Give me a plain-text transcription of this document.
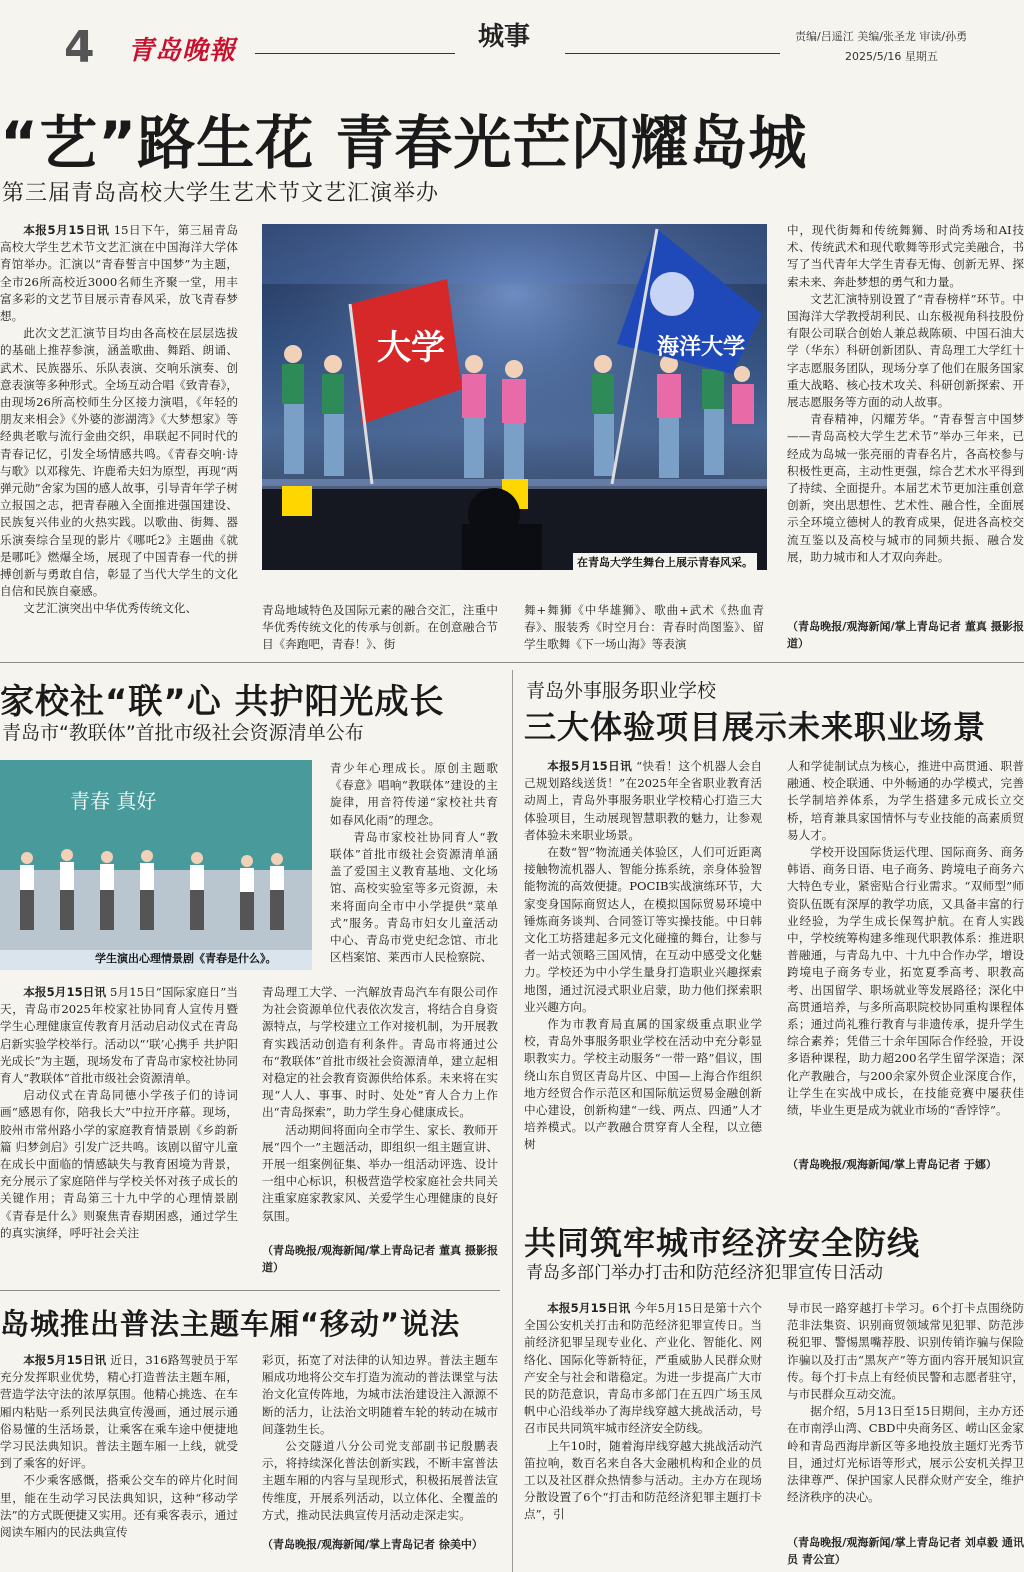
4 青岛晚報	城事	责编/吕遥江 美编/张圣龙 审读/孙勇
2025/5/16 星期五
“艺”路生花 青春光芒闪耀岛城
第三届青岛高校大学生艺术节文艺汇演举办

本报5月15日讯 15日下午，第三届青岛高校大学生艺术节文艺汇演在中国海洋大学体育馆举办。汇演以“青春誓言中国梦”为主题，全市26所高校近3000名师生齐聚一堂，用丰富多彩的文艺节目展示青春风采，放飞青春梦想。

此次文艺汇演节目均由各高校在层层选拔的基础上推荐参演，涵盖歌曲、舞蹈、朗诵、武术、民族器乐、乐队表演、交响乐演奏、创意表演等多种形式。全场互动合唱《致青春》，由现场26所高校师生分区接力演唱，《年轻的朋友来相会》《外婆的澎湖湾》《大梦想家》等经典老歌与流行金曲交织，串联起不同时代的青春记忆，引发全场情感共鸣。《青春交响·诗与歌》以邓稼先、许鹿希夫妇为原型，再现“两弹元勋”舍家为国的感人故事，引导青年学子树立报国之志，把青春融入全面推进强国建设、民族复兴伟业的火热实践。以歌曲、街舞、器乐演奏综合呈现的影片《哪吒2》主题曲《就是哪吒》燃爆全场，展现了中国青春一代的拼搏创新与勇敢自信，彰显了当代大学生的文化自信和民族自豪感。

文艺汇演突出中华优秀传统文化、

大学	海洋大学
在青岛大学生舞台上展示青春风采。

青岛地域特色及国际元素的融合交汇，注重中华优秀传统文化的传承与创新。在创意融合节目《奔跑吧，青春！》、街

舞+舞狮《中华雄狮》、歌曲+武术《热血青春》、服装秀《时空月台：青春时尚图鉴》、留学生歌舞《下一场山海》等表演

中，现代街舞和传统舞狮、时尚秀场和AI技术、传统武术和现代歌舞等形式完美融合，书写了当代青年大学生青春无悔、创新无界、探索未来、奔赴梦想的勇气和力量。

文艺汇演特别设置了“青春榜样”环节。中国海洋大学教授胡利民、山东极视角科技股份有限公司联合创始人兼总裁陈硕、中国石油大学（华东）科研创新团队、青岛理工大学红十字志愿服务团队，现场分享了他们在服务国家重大战略、核心技术攻关、科研创新探索、开展志愿服务等方面的动人故事。

青春精神，闪耀芳华。“青春誓言中国梦——青岛高校大学生艺术节”举办三年来，已经成为岛城一张亮丽的青春名片，各高校参与积极性更高，主动性更强，综合艺术水平得到了持续、全面提升。本届艺术节更加注重创意创新，突出思想性、艺术性、融合性，全面展示全环境立德树人的教育成果，促进各高校交流互鉴以及高校与城市的同频共振、融合发展，助力城市和人才双向奔赴。

（青岛晚报/观海新闻/掌上青岛记者 董真 摄影报道）
家校社“联”心 共护阳光成长
青岛市“教联体”首批市级社会资源清单公布
青春 真好
学生演出心理情景剧《青春是什么》。

青少年心理成长。原创主题歌《春意》唱响“教联体”建设的主旋律，用音符传递“家校社共育如春风化雨”的理念。

青岛市家校社协同育人“教联体”首批市级社会资源清单涵盖了爱国主义教育基地、文化场馆、高校实验室等多元资源，未来将面向全市中小学提供“菜单式”服务。青岛市妇女儿童活动中心、青岛市党史纪念馆、市北区档案馆、莱西市人民检察院、

本报5月15日讯 5月15日“国际家庭日”当天，青岛市2025年校家社协同育人宣传月暨学生心理健康宣传教育月活动启动仪式在青岛启新实验学校举行。活动以“‘联’心携手 共护阳光成长”为主题，现场发布了青岛市家校社协同育人“教联体”首批市级社会资源清单。

启动仪式在青岛同德小学孩子们的诗词画“感恩有你，陪我长大”中拉开序幕。现场，胶州市常州路小学的家庭教育情景剧《乡韵新篇 归梦剑启》引发广泛共鸣。该剧以留守儿童在成长中面临的情感缺失与教育困境为背景，充分展示了家庭陪伴与学校关怀对孩子成长的关键作用；青岛第三十九中学的心理情景剧《青春是什么》则聚焦青春期困惑，通过学生的真实演绎，呼吁社会关注

青岛理工大学、一汽解放青岛汽车有限公司作为社会资源单位代表依次发言，将结合自身资源特点，与学校建立工作对接机制，为开展教育实践活动创造有利条件。青岛市将通过公布“教联体”首批市级社会资源清单，建立起相对稳定的社会教育资源供给体系。未来将在实现“人人、事事、时时、处处”育人合力上作出“青岛探索”，助力学生身心健康成长。

活动期间将面向全市学生、家长、教师开展“四个一”主题活动，即组织一组主题宣讲、开展一组案例征集、举办一组活动评选、设计一组中心标识，积极营造学校家庭社会共同关注重家庭家教家风、关爱学生心理健康的良好氛围。

（青岛晚报/观海新闻/掌上青岛记者 董真 摄影报道）
青岛外事服务职业学校
三大体验项目展示未来职业场景

本报5月15日讯 “快看！这个机器人会自己规划路线送货！”在2025年全省职业教育活动周上，青岛外事服务职业学校精心打造三大体验项目，生动展现智慧职教的魅力，让参观者体验未来职业场景。

在数“智”物流通关体验区，人们可近距离接触物流机器人、智能分拣系统，亲身体验智能物流的高效便捷。POCIB实战演练环节，大家变身国际商贸达人，在模拟国际贸易环境中锤炼商务谈判、合同签订等实操技能。中日韩文化工坊搭建起多元文化碰撞的舞台，让参与者一站式领略三国风情，在互动中感受文化魅力。学校还为中小学生量身打造职业兴趣探索地图，通过沉浸式职业启蒙，助力他们探索职业兴趣方向。

作为市教育局直属的国家级重点职业学校，青岛外事服务职业学校在活动中充分彰显职教实力。学校主动服务“一带一路”倡议，围绕山东自贸区青岛片区、中国—上海合作组织地方经贸合作示范区和国际航运贸易金融创新中心建设，创新构建“一线、两点、四通”人才培养模式。以产教融合贯穿育人全程，以立德树

人和学徒制试点为核心，推进中高贯通、职普融通、校企联通、中外畅通的办学模式，完善长学制培养体系，为学生搭建多元成长立交桥，培育兼具家国情怀与专业技能的高素质贸易人才。

学校开设国际货运代理、国际商务、商务韩语、商务日语、电子商务、跨境电子商务六大特色专业，紧密贴合行业需求。“双师型”师资队伍既有深厚的教学功底，又具备丰富的行业经验，为学生成长保驾护航。在育人实践中，学校统筹构建多维现代职教体系：推进职普融通，与青岛九中、十九中合作办学，增设跨境电子商务专业，拓宽夏季高考、职教高考、出国留学、职场就业等发展路径；深化中高贯通培养，与多所高职院校协同重构课程体系；通过尚礼雅行教育与非遗传承，提升学生综合素养；凭借三十余年国际合作经验，开设多语种课程，助力超200名学生留学深造；深化产教融合，与200余家外贸企业深度合作，让学生在实战中成长，在技能竞赛中屡获佳绩，毕业生更是成为就业市场的“香饽饽”。

（青岛晚报/观海新闻/掌上青岛记者 于娜）
共同筑牢城市经济安全防线
青岛多部门举办打击和防范经济犯罪宣传日活动

本报5月15日讯 今年5月15日是第十六个全国公安机关打击和防范经济犯罪宣传日。当前经济犯罪呈现专业化、产业化、智能化、网络化、国际化等新特征，严重威胁人民群众财产安全与社会和谐稳定。为进一步提高广大市民的防范意识，青岛市多部门在五四广场玉凤帆中心沿线举办了海岸线穿越大挑战活动，号召市民共同筑牢城市经济安全防线。

上午10时，随着海岸线穿越大挑战活动汽笛拉响，数百名来自各大金融机构和企业的员工以及社区群众热情参与活动。主办方在现场分散设置了6个“打击和防范经济犯罪主题打卡点”，引

导市民一路穿越打卡学习。6个打卡点围绕防范非法集资、识别商贸领域常见犯罪、防范涉税犯罪、警惕黑嘴荐股、识别传销诈骗与保险诈骗以及打击“黑灰产”等方面内容开展知识宣传。每个打卡点上有经侦民警和志愿者驻守，与市民群众互动交流。

据介绍，5月13日至15日期间，主办方还在市南浮山湾、CBD中央商务区、崂山区金家岭和青岛西海岸新区等多地投放主题灯光秀节目，通过灯光标语等形式，展示公安机关捍卫法律尊严、保护国家人民群众财产安全，维护经济秩序的决心。

（青岛晚报/观海新闻/掌上青岛记者 刘卓毅 通讯员 青公宣）
岛城推出普法主题车厢“移动”说法

本报5月15日讯 近日，316路驾驶员于军充分发挥职业优势，精心打造普法主题车厢，营造学法守法的浓厚氛围。他精心挑选、在车厢内粘贴一系列民法典宣传漫画，通过展示通俗易懂的生活场景，让乘客在乘车途中便捷地学习民法典知识。普法主题车厢一上线，就受到了乘客的好评。

不少乘客感慨，搭乘公交车的碎片化时间里，能在生动学习民法典知识，这种“移动学法”的方式既便捷又实用。还有乘客表示，通过阅读车厢内的民法典宣传

彩页，拓宽了对法律的认知边界。普法主题车厢成功地将公交车打造为流动的普法课堂与法治文化宣传阵地，为城市法治建设注入源源不断的活力，让法治文明随着车轮的转动在城市间蓬勃生长。

公交隧道八分公司党支部副书记殷鹏表示，将持续深化普法创新实践，不断丰富普法主题车厢的内容与呈现形式，积极拓展普法宣传维度，开展系列活动，以立体化、全覆盖的方式，推动民法典宣传月活动走深走实。

（青岛晚报/观海新闻/掌上青岛记者 徐美中）
